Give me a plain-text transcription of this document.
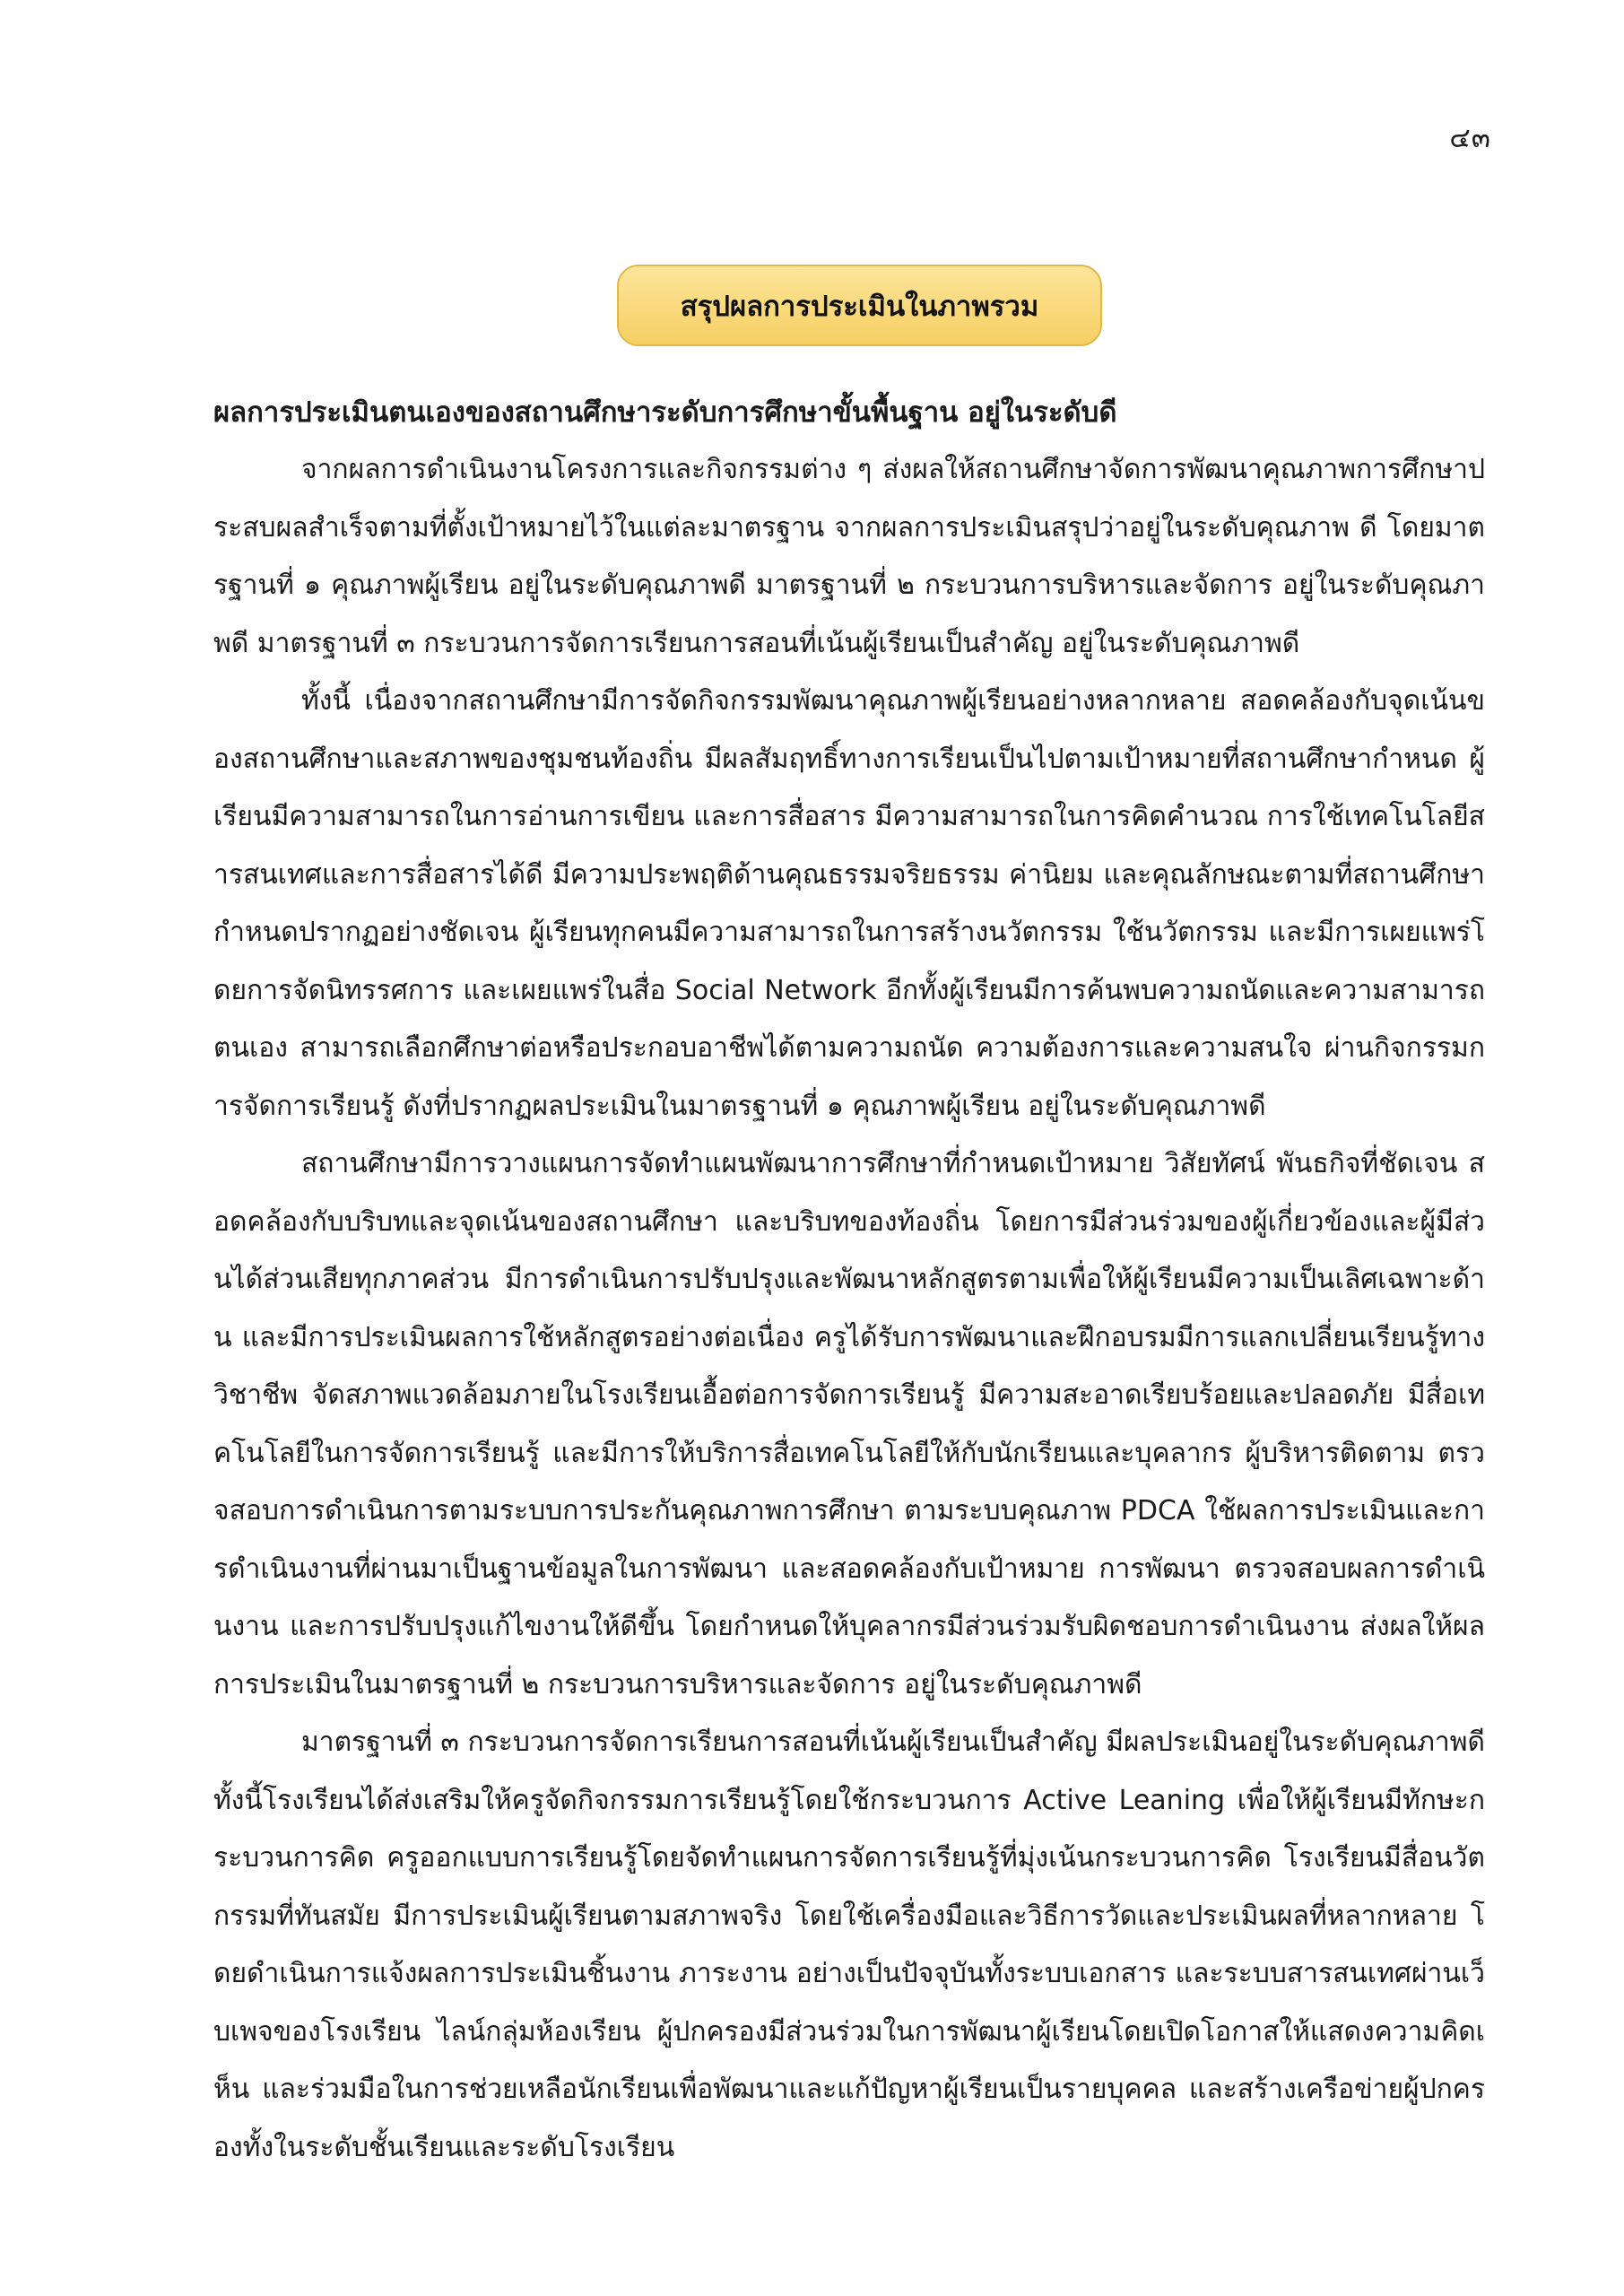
๔๓
สรุปผลการประเมินในภาพรวม

ผลการประเมินตนเองของสถานศึกษาระดับการศึกษาขั้นพื้นฐาน อยู่ในระดับดี

จากผลการดำเนินงานโครงการและกิจกรรมต่าง ๆ ส่งผลให้สถานศึกษาจัดการพัฒนาคุณภาพการศึกษาประสบผลสำเร็จตามที่ตั้งเป้าหมายไว้ในแต่ละมาตรฐาน จากผลการประเมินสรุปว่าอยู่ในระดับคุณภาพ ดี โดยมาตรฐานที่ ๑ คุณภาพผู้เรียน อยู่ในระดับคุณภาพดี มาตรฐานที่ ๒ กระบวนการบริหารและจัดการ อยู่ในระดับคุณภาพดี มาตรฐานที่ ๓ กระบวนการจัดการเรียนการสอนที่เน้นผู้เรียนเป็นสำคัญ อยู่ในระดับคุณภาพดี

ทั้งนี้ เนื่องจากสถานศึกษามีการจัดกิจกรรมพัฒนาคุณภาพผู้เรียนอย่างหลากหลาย สอดคล้องกับจุดเน้นของสถานศึกษาและสภาพของชุมชนท้องถิ่น มีผลสัมฤทธิ์ทางการเรียนเป็นไปตามเป้าหมายที่สถานศึกษากำหนด ผู้เรียนมีความสามารถในการอ่านการเขียน และการสื่อสาร มีความสามารถในการคิดคำนวณ การใช้เทคโนโลยีสารสนเทศและการสื่อสารได้ดี มีความประพฤติด้านคุณธรรมจริยธรรม ค่านิยม และคุณลักษณะตามที่สถานศึกษากำหนดปรากฏอย่างชัดเจน ผู้เรียนทุกคนมีความสามารถในการสร้างนวัตกรรม ใช้นวัตกรรม และมีการเผยแพร่โดยการจัดนิทรรศการ และเผยแพร่ในสื่อ Social Network อีกทั้งผู้เรียนมีการค้นพบความถนัดและความสามารถตนเอง สามารถเลือกศึกษาต่อหรือประกอบอาชีพได้ตามความถนัด ความต้องการและความสนใจ ผ่านกิจกรรมการจัดการเรียนรู้ ดังที่ปรากฏผลประเมินในมาตรฐานที่ ๑ คุณภาพผู้เรียน อยู่ในระดับคุณภาพดี

สถานศึกษามีการวางแผนการจัดทำแผนพัฒนาการศึกษาที่กำหนดเป้าหมาย วิสัยทัศน์ พันธกิจที่ชัดเจน สอดคล้องกับบริบทและจุดเน้นของสถานศึกษา และบริบทของท้องถิ่น โดยการมีส่วนร่วมของผู้เกี่ยวข้องและผู้มีส่วนได้ส่วนเสียทุกภาคส่วน มีการดำเนินการปรับปรุงและพัฒนาหลักสูตรตามเพื่อให้ผู้เรียนมีความเป็นเลิศเฉพาะด้าน และมีการประเมินผลการใช้หลักสูตรอย่างต่อเนื่อง ครูได้รับการพัฒนาและฝึกอบรมมีการแลกเปลี่ยนเรียนรู้ทางวิชาชีพ จัดสภาพแวดล้อมภายในโรงเรียนเอื้อต่อการจัดการเรียนรู้ มีความสะอาดเรียบร้อยและปลอดภัย มีสื่อเทคโนโลยีในการจัดการเรียนรู้ และมีการให้บริการสื่อเทคโนโลยีให้กับนักเรียนและบุคลากร ผู้บริหารติดตาม ตรวจสอบการดำเนินการตามระบบการประกันคุณภาพการศึกษา ตามระบบคุณภาพ PDCA ใช้ผลการประเมินและการดำเนินงานที่ผ่านมาเป็นฐานข้อมูลในการพัฒนา และสอดคล้องกับเป้าหมาย การพัฒนา ตรวจสอบผลการดำเนินงาน และการปรับปรุงแก้ไขงานให้ดีขึ้น โดยกำหนดให้บุคลากรมีส่วนร่วมรับผิดชอบการดำเนินงาน ส่งผลให้ผลการประเมินในมาตรฐานที่ ๒ กระบวนการบริหารและจัดการ อยู่ในระดับคุณภาพดี

มาตรฐานที่ ๓ กระบวนการจัดการเรียนการสอนที่เน้นผู้เรียนเป็นสำคัญ มีผลประเมินอยู่ในระดับคุณภาพดี ทั้งนี้โรงเรียนได้ส่งเสริมให้ครูจัดกิจกรรมการเรียนรู้โดยใช้กระบวนการ Active Leaning เพื่อให้ผู้เรียนมีทักษะกระบวนการคิด ครูออกแบบการเรียนรู้โดยจัดทำแผนการจัดการเรียนรู้ที่มุ่งเน้นกระบวนการคิด โรงเรียนมีสื่อนวัตกรรมที่ทันสมัย มีการประเมินผู้เรียนตามสภาพจริง โดยใช้เครื่องมือและวิธีการวัดและประเมินผลที่หลากหลาย โดยดำเนินการแจ้งผลการประเมินชิ้นงาน ภาระงาน อย่างเป็นปัจจุบันทั้งระบบเอกสาร และระบบสารสนเทศผ่านเว็บเพจของโรงเรียน ไลน์กลุ่มห้องเรียน ผู้ปกครองมีส่วนร่วมในการพัฒนาผู้เรียนโดยเปิดโอกาสให้แสดงความคิดเห็น และร่วมมือในการช่วยเหลือนักเรียนเพื่อพัฒนาและแก้ปัญหาผู้เรียนเป็นรายบุคคล และสร้างเครือข่ายผู้ปกครองทั้งในระดับชั้นเรียนและระดับโรงเรียน
